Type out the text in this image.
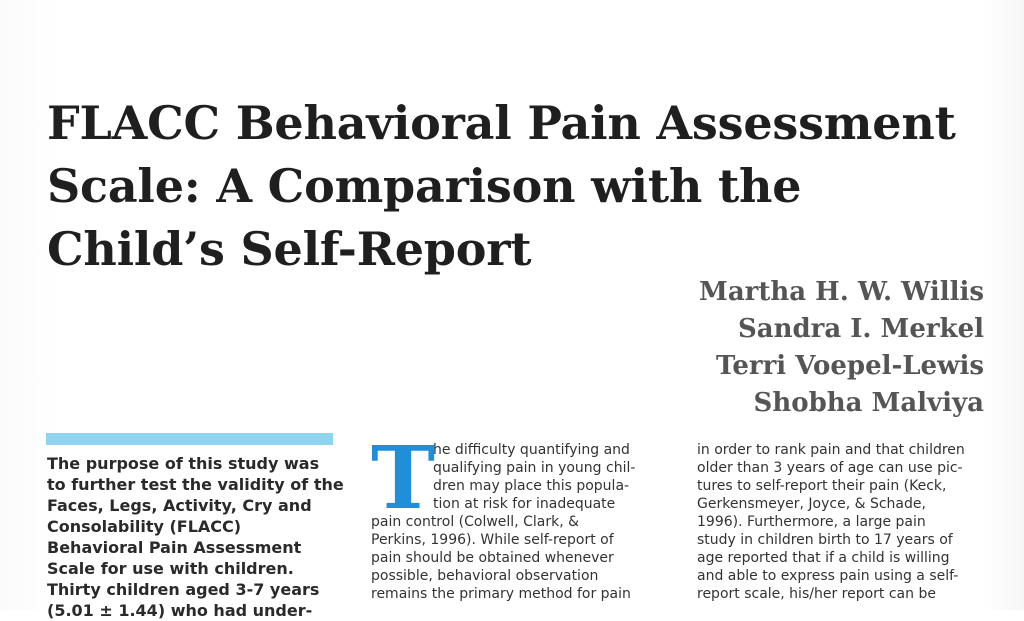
FLACC Behavioral Pain Assessment
Scale: A Comparison with the
Child’s Self-Report
Martha H. W. Willis
Sandra I. Merkel
Terri Voepel-Lewis
Shobha Malviya
The purpose of this study was
to further test the validity of the
Faces, Legs, Activity, Cry and
Consolability (FLACC)
Behavioral Pain Assessment
Scale for use with children.
Thirty children aged 3-7 years
(5.01 ± 1.44) who had under-
T
he difficulty quantifying and
qualifying pain in young chil-
dren may place this popula-
tion at risk for inadequate
pain control (Colwell, Clark, &
Perkins, 1996). While self-report of
pain should be obtained whenever
possible, behavioral observation
remains the primary method for pain
in order to rank pain and that children
older than 3 years of age can use pic-
tures to self-report their pain (Keck,
Gerkensmeyer, Joyce, & Schade,
1996). Furthermore, a large pain
study in children birth to 17 years of
age reported that if a child is willing
and able to express pain using a self-
report scale, his/her report can be
